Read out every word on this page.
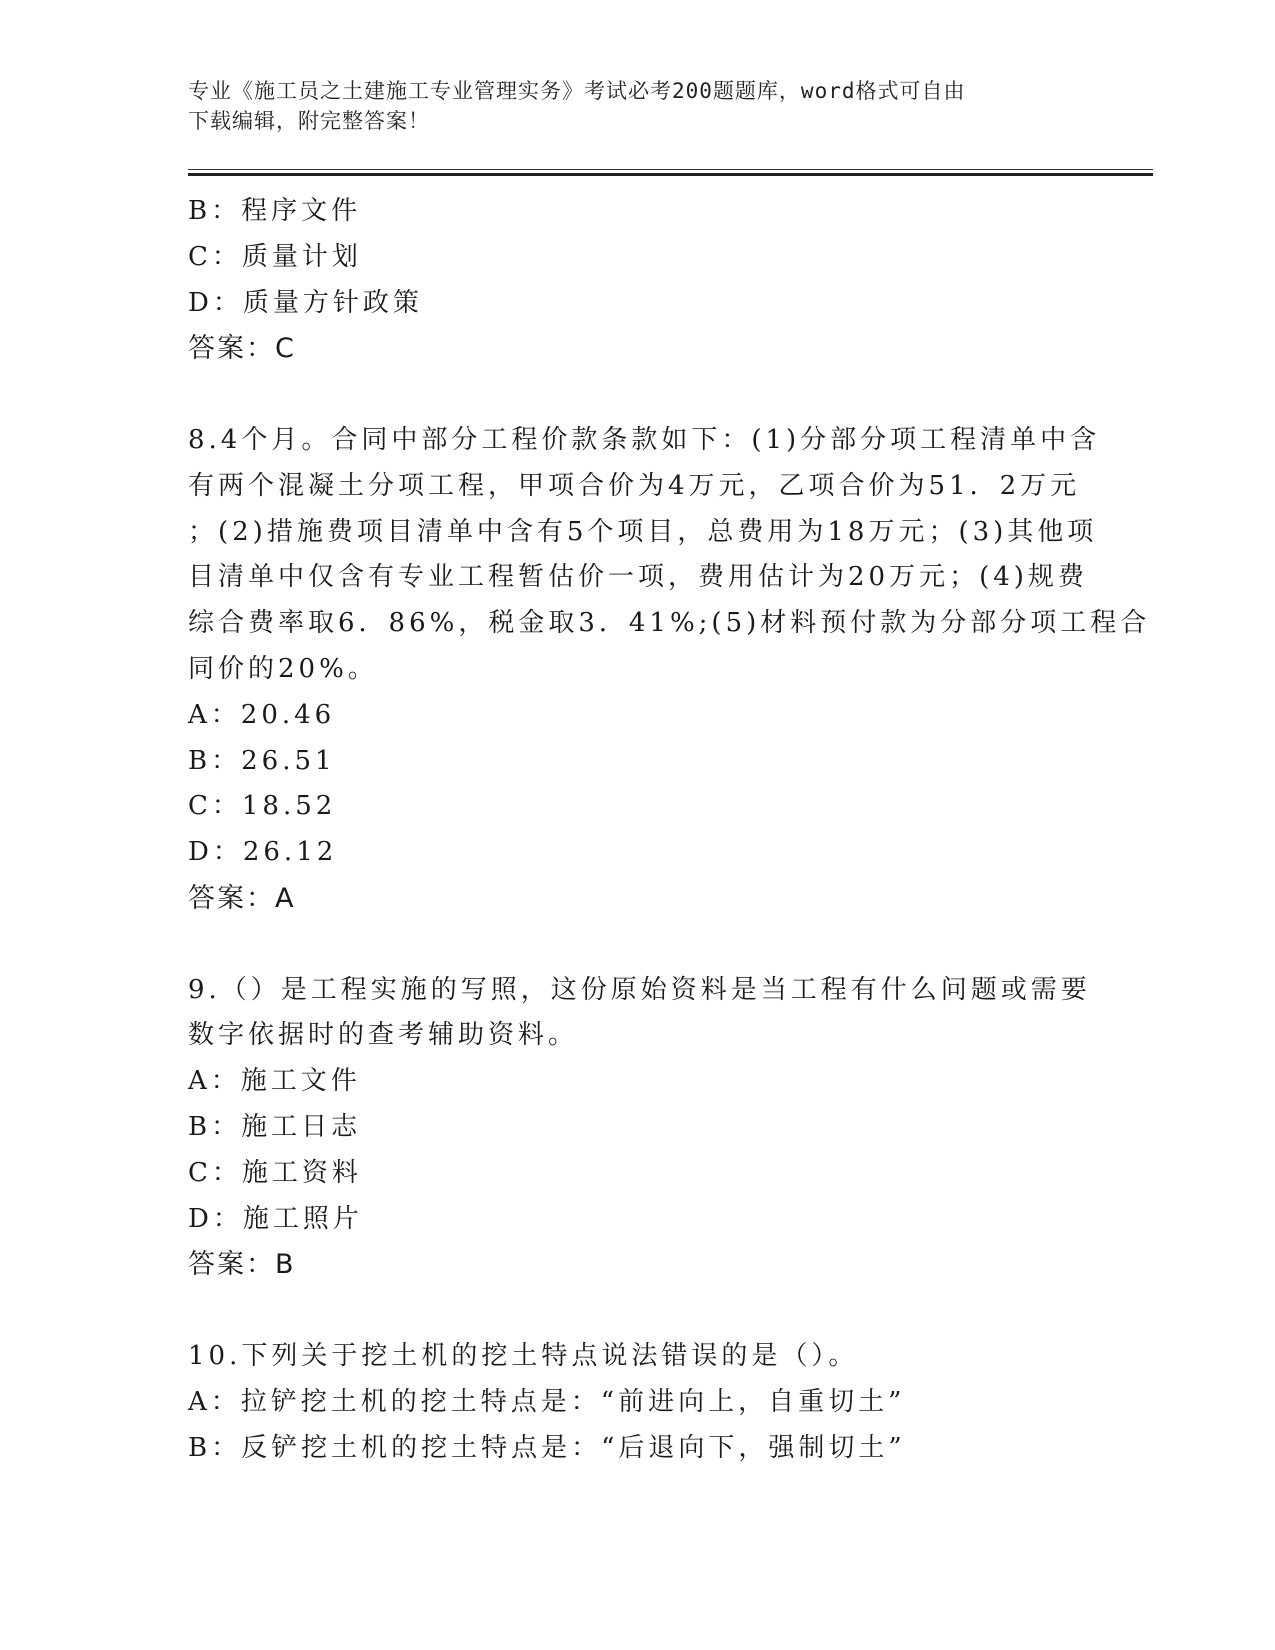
专业《施工员之土建施工专业管理实务》考试必考200题题库，word格式可自由
下载编辑，附完整答案！
B：程序文件
C：质量计划
D：质量方针政策
答案：C
8.4个月。合同中部分工程价款条款如下：(1)分部分项工程清单中含
有两个混凝土分项工程，甲项合价为4万元，乙项合价为51．2万元
；(2)措施费项目清单中含有5个项目，总费用为18万元；(3)其他项
目清单中仅含有专业工程暂估价一项，费用估计为20万元；(4)规费
综合费率取6．86%，税金取3．41%;(5)材料预付款为分部分项工程合
同价的20%。
A：20.46
B：26.51
C：18.52
D：26.12
答案：A
9.（）是工程实施的写照，这份原始资料是当工程有什么问题或需要
数字依据时的查考辅助资料。
A：施工文件
B：施工日志
C：施工资料
D：施工照片
答案：B
10.下列关于挖土机的挖土特点说法错误的是（）。
A：拉铲挖土机的挖土特点是：“前进向上，自重切土”
B：反铲挖土机的挖土特点是：“后退向下，强制切土”
